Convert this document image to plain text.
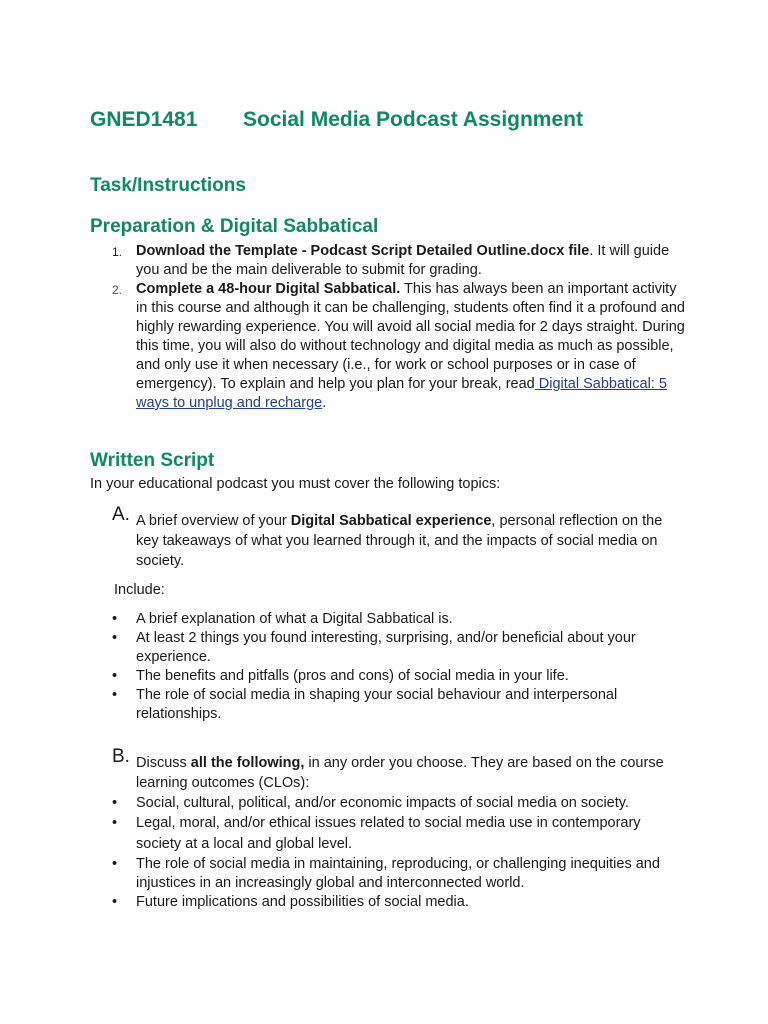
GNED1481 Social Media Podcast Assignment
Task/Instructions
Preparation & Digital Sabbatical
1. Download the Template - Podcast Script Detailed Outline.docx file. It will guide you and be the main deliverable to submit for grading.
2. Complete a 48-hour Digital Sabbatical. This has always been an important activity in this course and although it can be challenging, students often find it a profound and highly rewarding experience. You will avoid all social media for 2 days straight. During this time, you will also do without technology and digital media as much as possible, and only use it when necessary (i.e., for work or school purposes or in case of emergency). To explain and help you plan for your break, read Digital Sabbatical: 5 ways to unplug and recharge.
Written Script

In your educational podcast you must cover the following topics:

A. A brief overview of your Digital Sabbatical experience, personal reflection on the key takeaways of what you learned through it, and the impacts of social media on society.

Include:

• A brief explanation of what a Digital Sabbatical is.
• At least 2 things you found interesting, surprising, and/or beneficial about your experience.
• The benefits and pitfalls (pros and cons) of social media in your life.
• The role of social media in shaping your social behaviour and interpersonal relationships.
B. Discuss all the following, in any order you choose. They are based on the course learning outcomes (CLOs):
• Social, cultural, political, and/or economic impacts of social media on society.
• Legal, moral, and/or ethical issues related to social media use in contemporary society at a local and global level.
• The role of social media in maintaining, reproducing, or challenging inequities and injustices in an increasingly global and interconnected world.
• Future implications and possibilities of social media.
